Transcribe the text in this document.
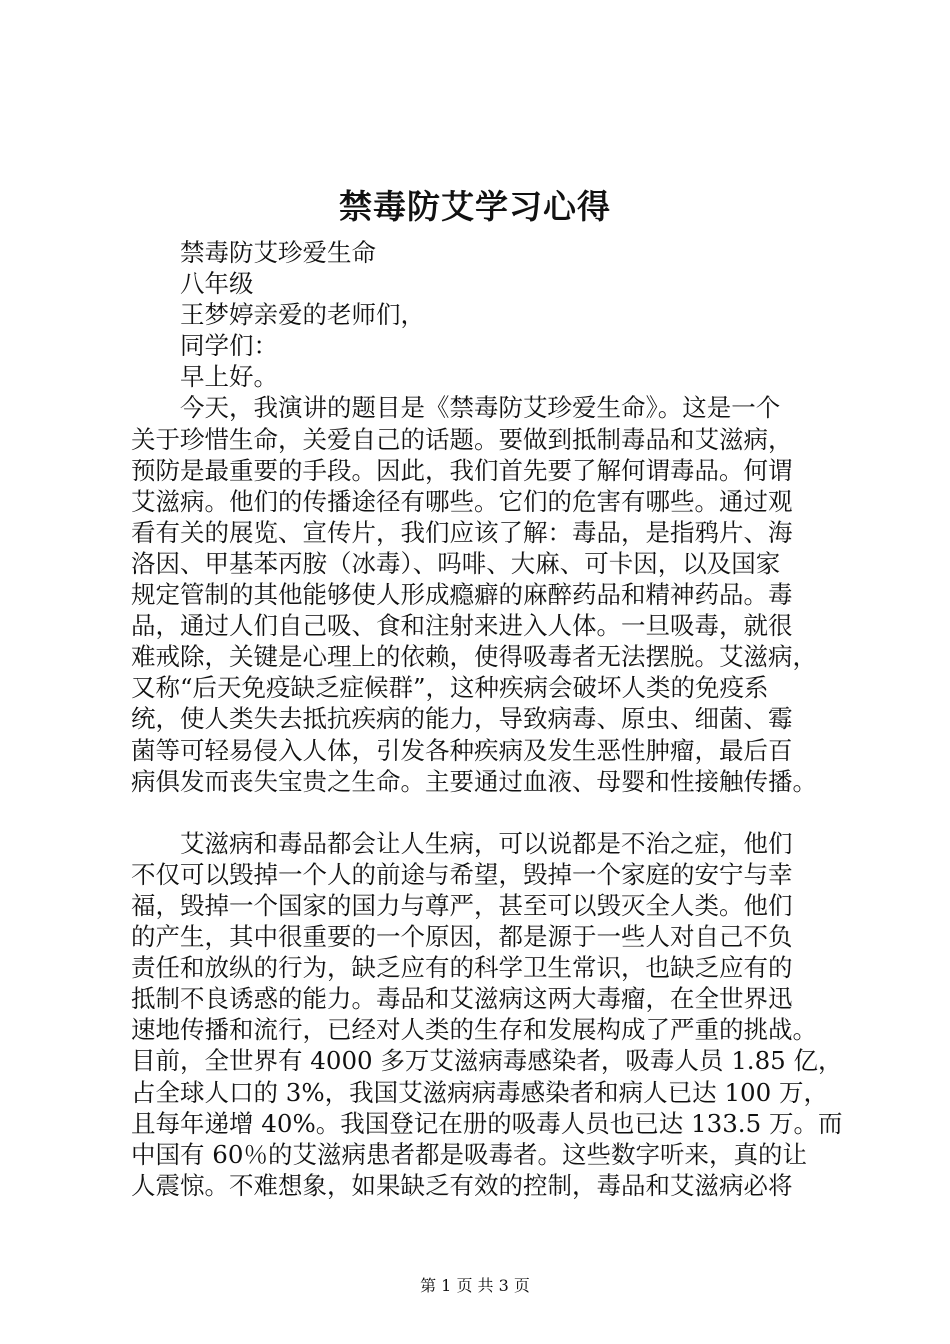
禁毒防艾学习心得
禁毒防艾珍爱生命
八年级
王梦婷亲爱的老师们，
同学们：
早上好。
今天，我演讲的题目是《禁毒防艾珍爱生命》。这是一个
关于珍惜生命，关爱自己的话题。要做到抵制毒品和艾滋病，
预防是最重要的手段。因此，我们首先要了解何谓毒品。何谓
艾滋病。他们的传播途径有哪些。它们的危害有哪些。通过观
看有关的展览、宣传片，我们应该了解：毒品，是指鸦片、海
洛因、甲基苯丙胺（冰毒）、吗啡、大麻、可卡因，以及国家
规定管制的其他能够使人形成瘾癖的麻醉药品和精神药品。毒
品，通过人们自己吸、食和注射来进入人体。一旦吸毒，就很
难戒除，关键是心理上的依赖，使得吸毒者无法摆脱。艾滋病，
又称“后天免疫缺乏症候群”，这种疾病会破坏人类的免疫系
统，使人类失去抵抗疾病的能力，导致病毒、原虫、细菌、霉
菌等可轻易侵入人体，引发各种疾病及发生恶性肿瘤，最后百
病俱发而丧失宝贵之生命。主要通过血液、母婴和性接触传播。
艾滋病和毒品都会让人生病，可以说都是不治之症，他们
不仅可以毁掉一个人的前途与希望，毁掉一个家庭的安宁与幸
福，毁掉一个国家的国力与尊严，甚至可以毁灭全人类。他们
的产生，其中很重要的一个原因，都是源于一些人对自己不负
责任和放纵的行为，缺乏应有的科学卫生常识，也缺乏应有的
抵制不良诱惑的能力。毒品和艾滋病这两大毒瘤，在全世界迅
速地传播和流行，已经对人类的生存和发展构成了严重的挑战。
目前，全世界有 4000 多万艾滋病毒感染者，吸毒人员 1.85 亿，
占全球人口的 3%，我国艾滋病病毒感染者和病人已达 100 万，
且每年递增 40%。我国登记在册的吸毒人员也已达 133.5 万。而
中国有 60％的艾滋病患者都是吸毒者。这些数字听来，真的让
人震惊。不难想象，如果缺乏有效的控制，毒品和艾滋病必将
第 1 页 共 3 页
